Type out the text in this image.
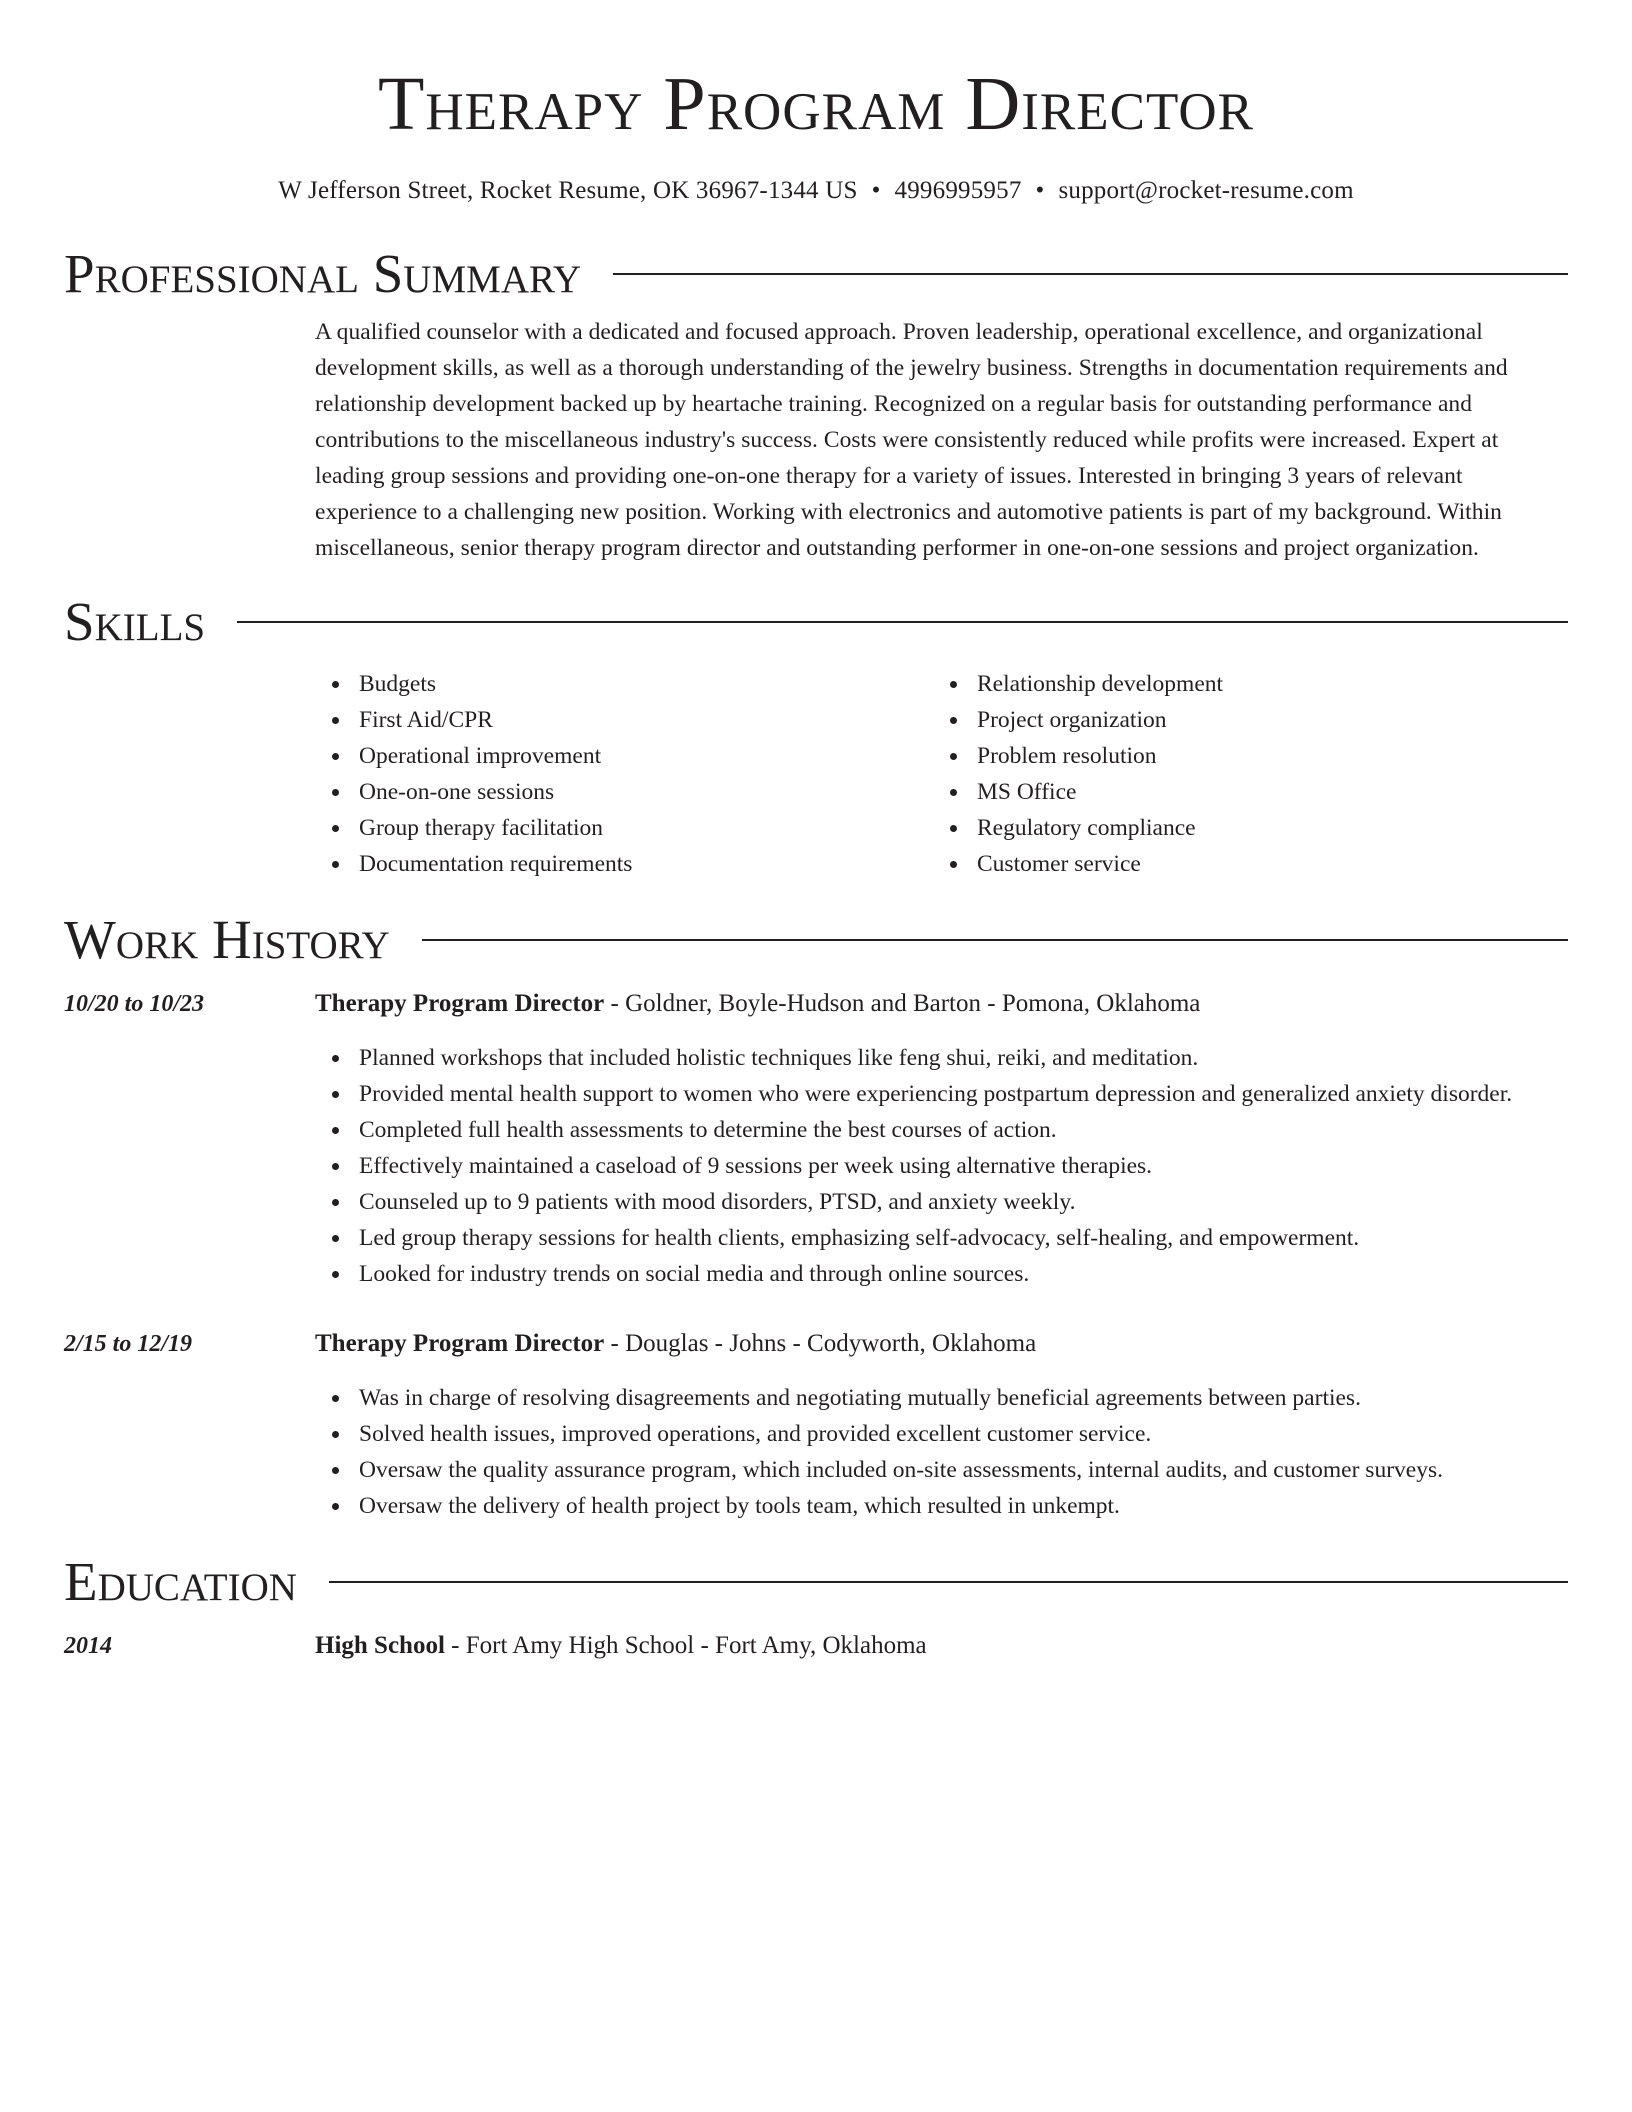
Therapy Program Director
W Jefferson Street, Rocket Resume, OK 36967-1344 US • 4996995957 • support@rocket-resume.com
Professional Summary

A qualified counselor with a dedicated and focused approach. Proven leadership, operational excellence, and organizational development skills, as well as a thorough understanding of the jewelry business. Strengths in documentation requirements and relationship development backed up by heartache training. Recognized on a regular basis for outstanding performance and contributions to the miscellaneous industry's success. Costs were consistently reduced while profits were increased. Expert at leading group sessions and providing one-on-one therapy for a variety of issues. Interested in bringing 3 years of relevant experience to a challenging new position. Working with electronics and automotive patients is part of my background. Within miscellaneous, senior therapy program director and outstanding performer in one-on-one sessions and project organization.

Skills
Budgets
First Aid/CPR
Operational improvement
One-on-one sessions
Group therapy facilitation
Documentation requirements
Relationship development
Project organization
Problem resolution
MS Office
Regulatory compliance
Customer service
Work History
10/20 to 10/23	Therapy Program Director - Goldner, Boyle-Hudson and Barton - Pomona, Oklahoma
Planned workshops that included holistic techniques like feng shui, reiki, and meditation.
Provided mental health support to women who were experiencing postpartum depression and generalized anxiety disorder.
Completed full health assessments to determine the best courses of action.
Effectively maintained a caseload of 9 sessions per week using alternative therapies.
Counseled up to 9 patients with mood disorders, PTSD, and anxiety weekly.
Led group therapy sessions for health clients, emphasizing self-advocacy, self-healing, and empowerment.
Looked for industry trends on social media and through online sources.
2/15 to 12/19	Therapy Program Director - Douglas - Johns - Codyworth, Oklahoma
Was in charge of resolving disagreements and negotiating mutually beneficial agreements between parties.
Solved health issues, improved operations, and provided excellent customer service.
Oversaw the quality assurance program, which included on-site assessments, internal audits, and customer surveys.
Oversaw the delivery of health project by tools team, which resulted in unkempt.
Education
2014	High School - Fort Amy High School - Fort Amy, Oklahoma
